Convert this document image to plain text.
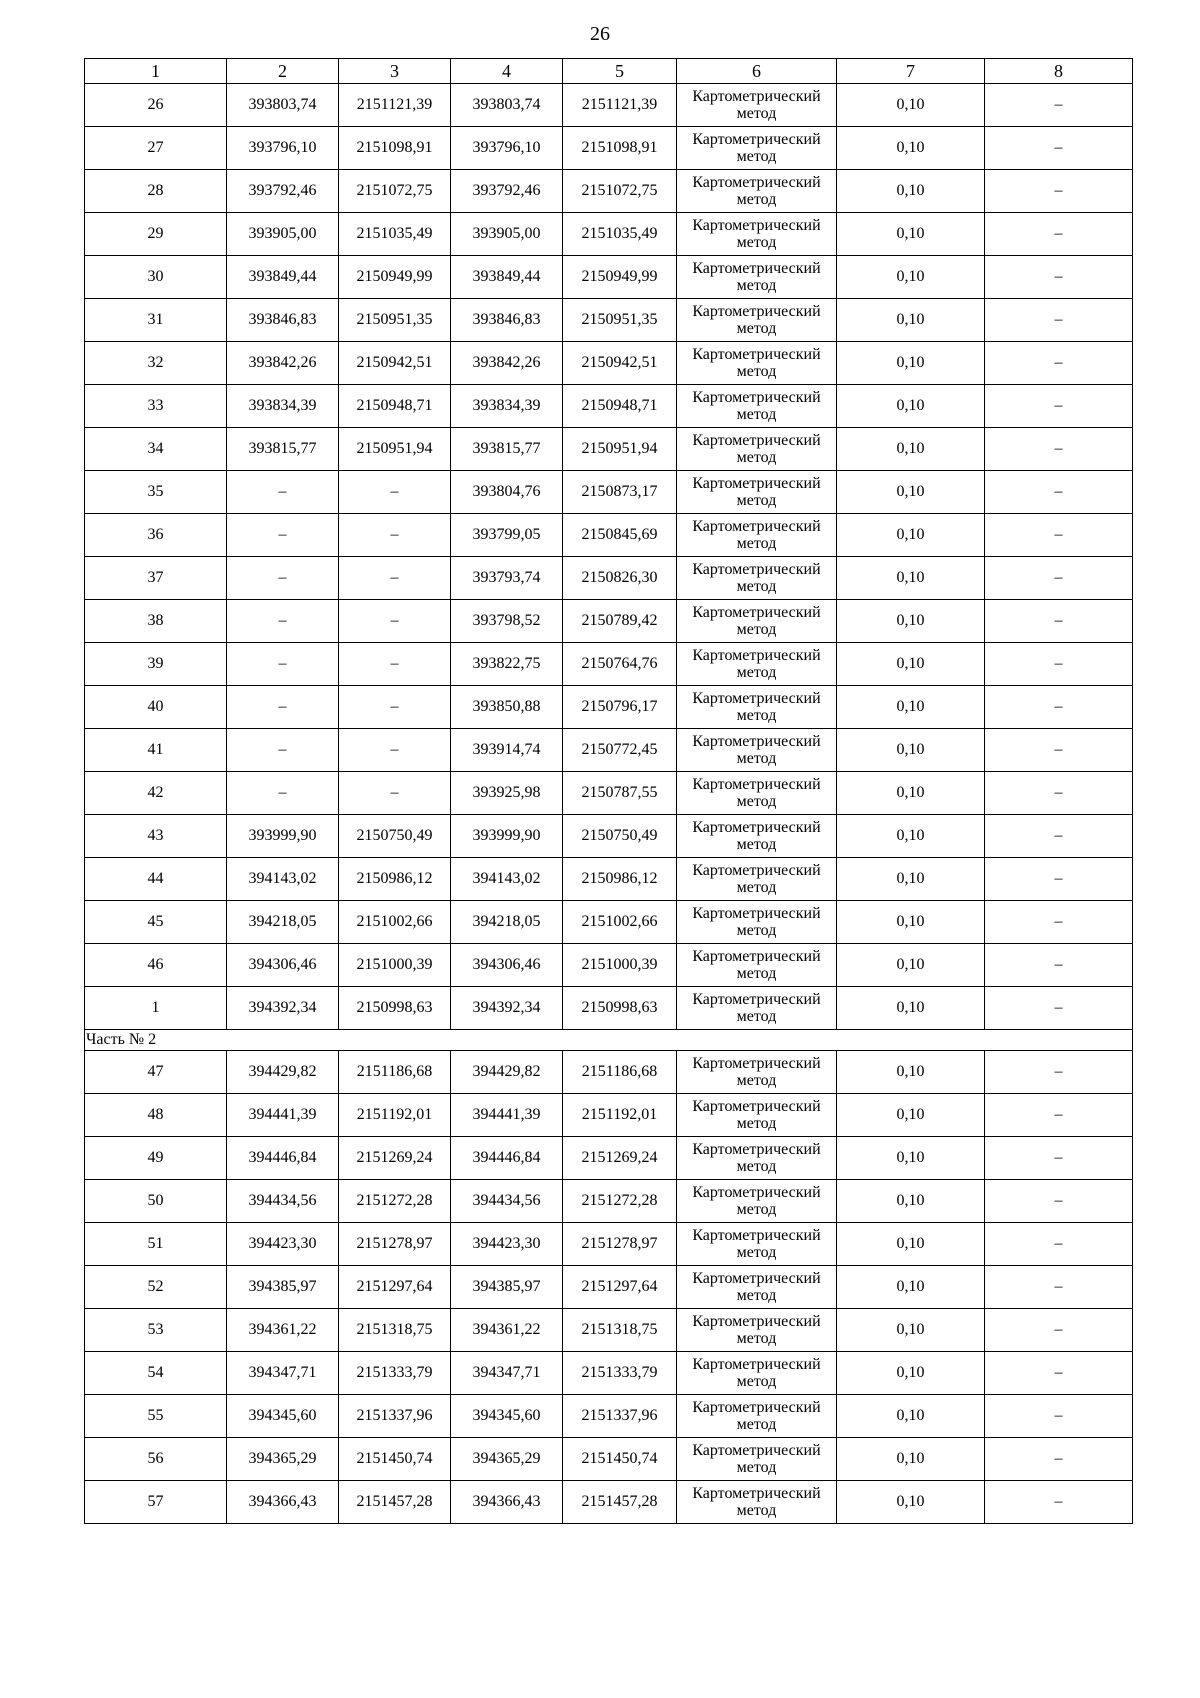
26
1	2	3	4	5	6	7	8
26	393803,74	2151121,39	393803,74	2151121,39	Картометрический
метод	0,10	–
27	393796,10	2151098,91	393796,10	2151098,91	Картометрический
метод	0,10	–
28	393792,46	2151072,75	393792,46	2151072,75	Картометрический
метод	0,10	–
29	393905,00	2151035,49	393905,00	2151035,49	Картометрический
метод	0,10	–
30	393849,44	2150949,99	393849,44	2150949,99	Картометрический
метод	0,10	–
31	393846,83	2150951,35	393846,83	2150951,35	Картометрический
метод	0,10	–
32	393842,26	2150942,51	393842,26	2150942,51	Картометрический
метод	0,10	–
33	393834,39	2150948,71	393834,39	2150948,71	Картометрический
метод	0,10	–
34	393815,77	2150951,94	393815,77	2150951,94	Картометрический
метод	0,10	–
35	–	–	393804,76	2150873,17	Картометрический
метод	0,10	–
36	–	–	393799,05	2150845,69	Картометрический
метод	0,10	–
37	–	–	393793,74	2150826,30	Картометрический
метод	0,10	–
38	–	–	393798,52	2150789,42	Картометрический
метод	0,10	–
39	–	–	393822,75	2150764,76	Картометрический
метод	0,10	–
40	–	–	393850,88	2150796,17	Картометрический
метод	0,10	–
41	–	–	393914,74	2150772,45	Картометрический
метод	0,10	–
42	–	–	393925,98	2150787,55	Картометрический
метод	0,10	–
43	393999,90	2150750,49	393999,90	2150750,49	Картометрический
метод	0,10	–
44	394143,02	2150986,12	394143,02	2150986,12	Картометрический
метод	0,10	–
45	394218,05	2151002,66	394218,05	2151002,66	Картометрический
метод	0,10	–
46	394306,46	2151000,39	394306,46	2151000,39	Картометрический
метод	0,10	–
1	394392,34	2150998,63	394392,34	2150998,63	Картометрический
метод	0,10	–
Часть № 2							
47	394429,82	2151186,68	394429,82	2151186,68	Картометрический
метод	0,10	–
48	394441,39	2151192,01	394441,39	2151192,01	Картометрический
метод	0,10	–
49	394446,84	2151269,24	394446,84	2151269,24	Картометрический
метод	0,10	–
50	394434,56	2151272,28	394434,56	2151272,28	Картометрический
метод	0,10	–
51	394423,30	2151278,97	394423,30	2151278,97	Картометрический
метод	0,10	–
52	394385,97	2151297,64	394385,97	2151297,64	Картометрический
метод	0,10	–
53	394361,22	2151318,75	394361,22	2151318,75	Картометрический
метод	0,10	–
54	394347,71	2151333,79	394347,71	2151333,79	Картометрический
метод	0,10	–
55	394345,60	2151337,96	394345,60	2151337,96	Картометрический
метод	0,10	–
56	394365,29	2151450,74	394365,29	2151450,74	Картометрический
метод	0,10	–
57	394366,43	2151457,28	394366,43	2151457,28	Картометрический
метод	0,10	–
